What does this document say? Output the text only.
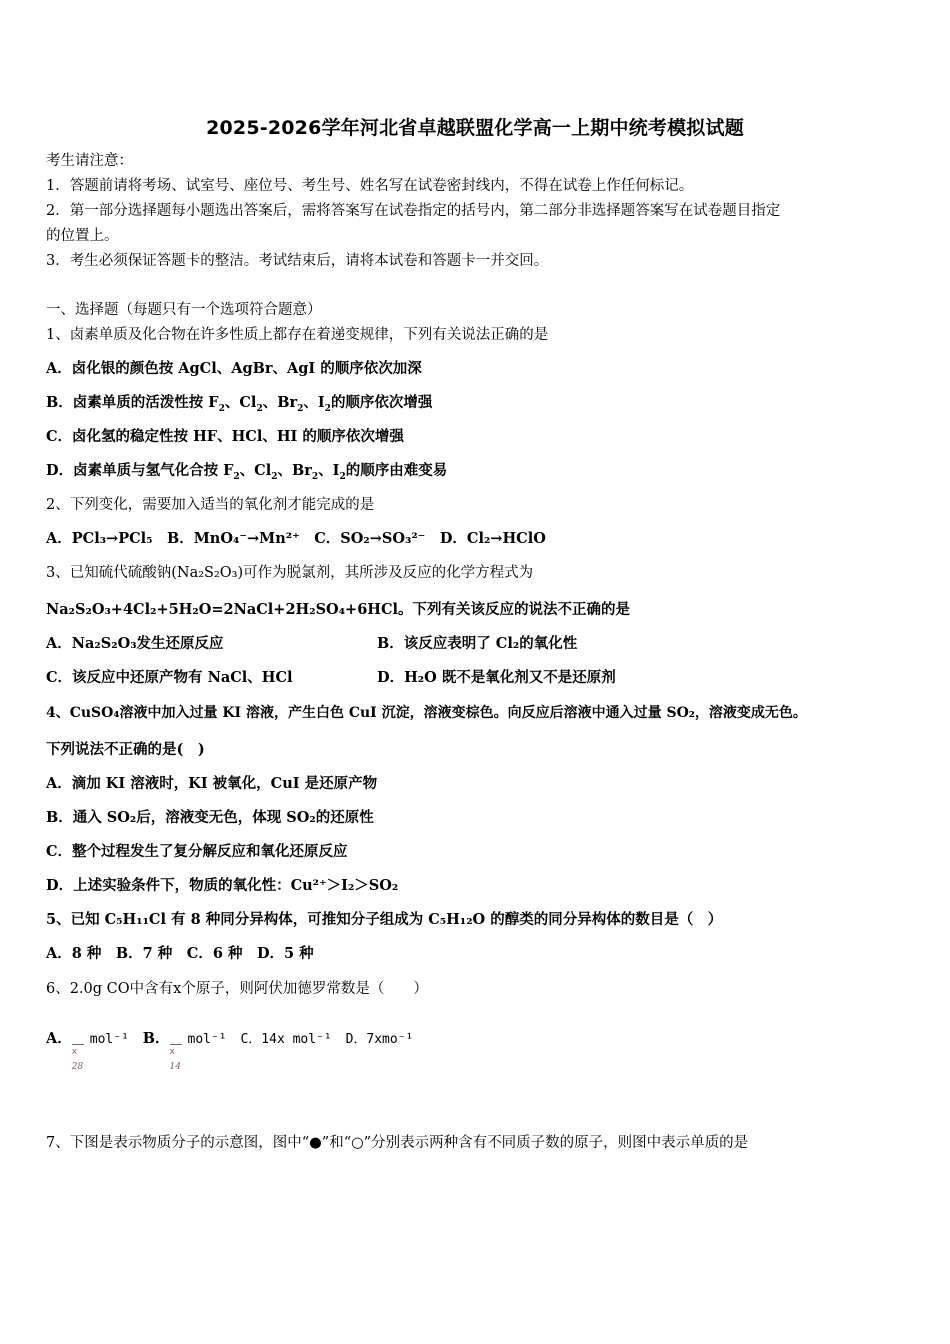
2025-2026学年河北省卓越联盟化学高一上期中统考模拟试题
考生请注意：
1．答题前请将考场、试室号、座位号、考生号、姓名写在试卷密封线内，不得在试卷上作任何标记。
2．第一部分选择题每小题选出答案后，需将答案写在试卷指定的括号内，第二部分非选择题答案写在试卷题目指定
的位置上。
3．考生必须保证答题卡的整洁。考试结束后，请将本试卷和答题卡一并交回。
一、选择题（每题只有一个选项符合题意）
1、卤素单质及化合物在许多性质上都存在着递变规律，下列有关说法正确的是
A．卤化银的颜色按 AgCl、AgBr、AgI 的顺序依次加深
B．卤素单质的活泼性按 $F_2$、$Cl_2$、$Br_2$、$I_2$的顺序依次增强
C．卤化氢的稳定性按 HF、HCl、HI 的顺序依次增强
D．卤素单质与氢气化合按 $F_2$、$Cl_2$、$Br_2$、$I_2$的顺序由难变易
2、下列变化，需要加入适当的氧化剂才能完成的是
A．PCl₃→PCl₅　B．MnO₄⁻→Mn²⁺　C．SO₂→SO₃²⁻　D．Cl₂→HClO
3、已知硫代硫酸钠(Na₂S₂O₃)可作为脱氯剂，其所涉及反应的化学方程式为
Na₂S₂O₃+4Cl₂+5H₂O=2NaCl+2H₂SO₄+6HCl。下列有关该反应的说法不正确的是
A．Na₂S₂O₃发生还原反应	B．该反应表明了 Cl₂的氧化性
C．该反应中还原产物有 NaCl、HCl	D．H₂O 既不是氧化剂又不是还原剂
4、CuSO₄溶液中加入过量 KI 溶液，产生白色 CuI 沉淀，溶液变棕色。向反应后溶液中通入过量 SO₂，溶液变成无色。
下列说法不正确的是(　)
A．滴加 KI 溶液时，KI 被氧化，CuI 是还原产物
B．通入 SO₂后，溶液变无色，体现 SO₂的还原性
C．整个过程发生了复分解反应和氧化还原反应
D．上述实验条件下，物质的氧化性：Cu²⁺＞I₂＞SO₂
5、已知 C₅H₁₁Cl 有 8 种同分异构体，可推知分子组成为 C₅H₁₂O 的醇类的同分异构体的数目是（　）
A．8 种　B．7 种　C．6 种　D．5 种
6、2.0g CO中含有x个原子，则阿伏加德罗常数是（　　）
A．
x
28
mol⁻¹ B．
x
14
mol⁻¹ C．14x mol⁻¹ D．7xmo⁻¹
7、下图是表示物质分子的示意图，图中“●”和“○”分别表示两种含有不同质子数的原子，则图中表示单质的是
